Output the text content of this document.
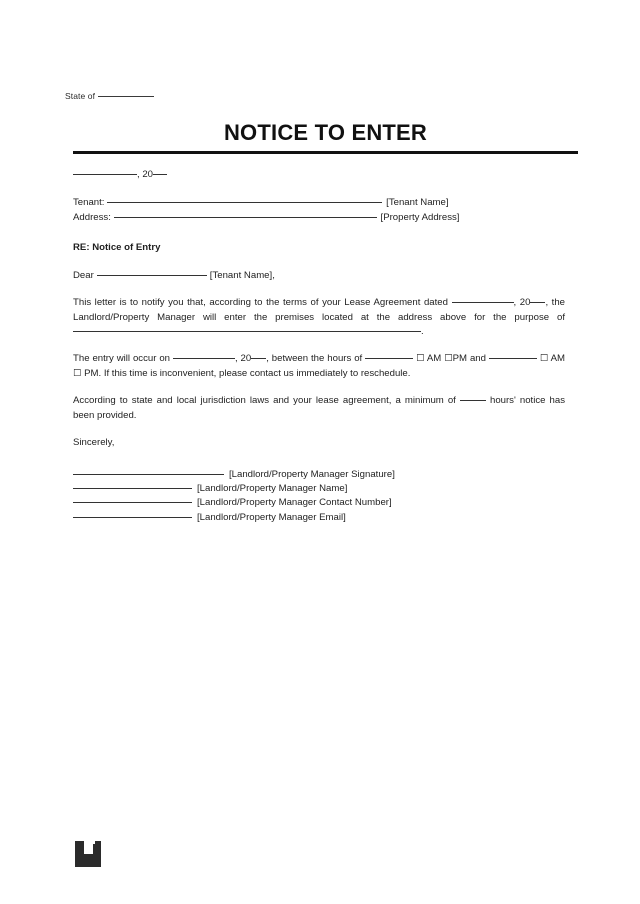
State of
NOTICE TO ENTER

, 20

Tenant:	[Tenant Name]

Address:	[Property Address]

RE: Notice of Entry

Dear	[Tenant Name],

This letter is to notify you that, according to the terms of your Lease Agreement dated	, 20 , the Landlord/Property Manager will enter the premises located at the address above for the purpose of .

The entry will occur on	, 20 , between the hours of	☐ AM ☐PM and	☐ AM ☐ PM. If this time is inconvenient, please contact us immediately to reschedule.

According to state and local jurisdiction laws and your lease agreement, a minimum of	hours' notice has been provided.

Sincerely,

[Landlord/Property Manager Signature]
[Landlord/Property Manager Name]
[Landlord/Property Manager Contact Number]
[Landlord/Property Manager Email]
